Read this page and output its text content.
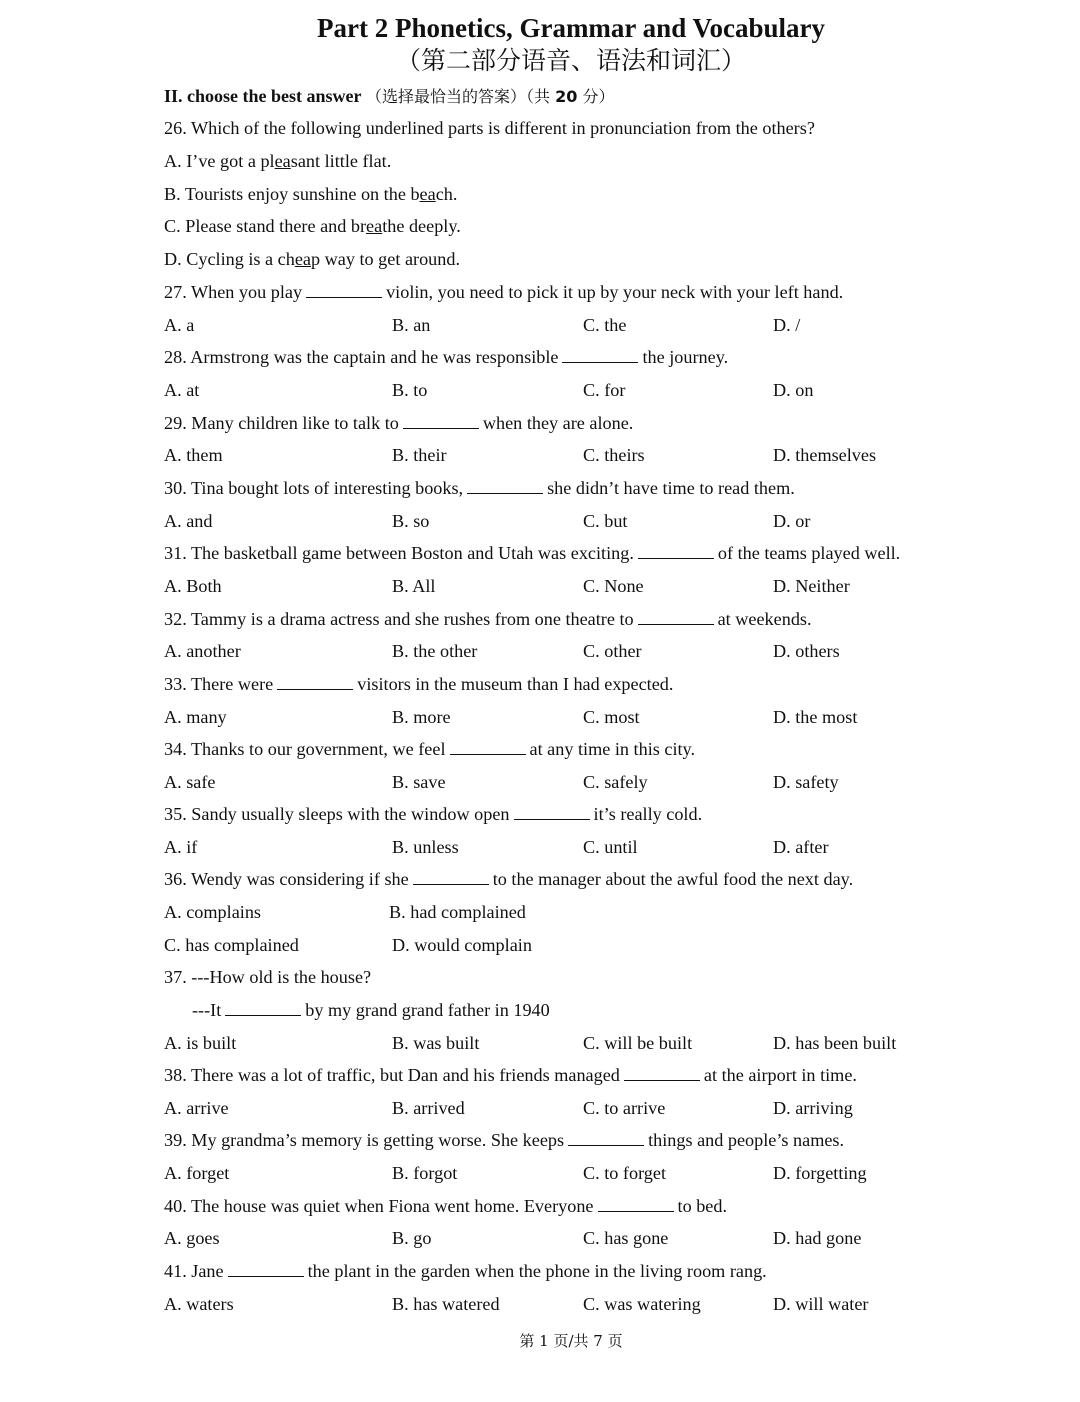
Part 2 Phonetics, Grammar and Vocabulary
（第二部分语音、语法和词汇）
II. choose the best answer （选择最恰当的答案）（共 20 分）
26. Which of the following underlined parts is different in pronunciation from the others?
A. I’ve got a pleasant little flat.
B. Tourists enjoy sunshine on the beach.
C. Please stand there and breathe deeply.
D. Cycling is a cheap way to get around.
27. When you play	violin, you need to pick it up by your neck with your left hand.
A. a	B. an	C. the	D. /
28. Armstrong was the captain and he was responsible	the journey.
A. at	B. to	C. for	D. on
29. Many children like to talk to	when they are alone.
A. them	B. their	C. theirs	D. themselves
30. Tina bought lots of interesting books,	she didn’t have time to read them.
A. and	B. so	C. but	D. or
31. The basketball game between Boston and Utah was exciting.	of the teams played well.
A. Both	B. All	C. None	D. Neither
32. Tammy is a drama actress and she rushes from one theatre to	at weekends.
A. another	B. the other	C. other	D. others
33. There were	visitors in the museum than I had expected.
A. many	B. more	C. most	D. the most
34. Thanks to our government, we feel	at any time in this city.
A. safe	B. save	C. safely	D. safety
35. Sandy usually sleeps with the window open	it’s really cold.
A. if	B. unless	C. until	D. after
36. Wendy was considering if she	to the manager about the awful food the next day.
A. complains	B. had complained
C. has complained	D. would complain
37. ---How old is the house?
---It	by my grand grand father in 1940
A. is built	B. was built	C. will be built	D. has been built
38. There was a lot of traffic, but Dan and his friends managed	at the airport in time.
A. arrive	B. arrived	C. to arrive	D. arriving
39. My grandma’s memory is getting worse. She keeps	things and people’s names.
A. forget	B. forgot	C. to forget	D. forgetting
40. The house was quiet when Fiona went home. Everyone	to bed.
A. goes	B. go	C. has gone	D. had gone
41. Jane	the plant in the garden when the phone in the living room rang.
A. waters	B. has watered	C. was watering	D. will water
第 1 页/共 7 页
